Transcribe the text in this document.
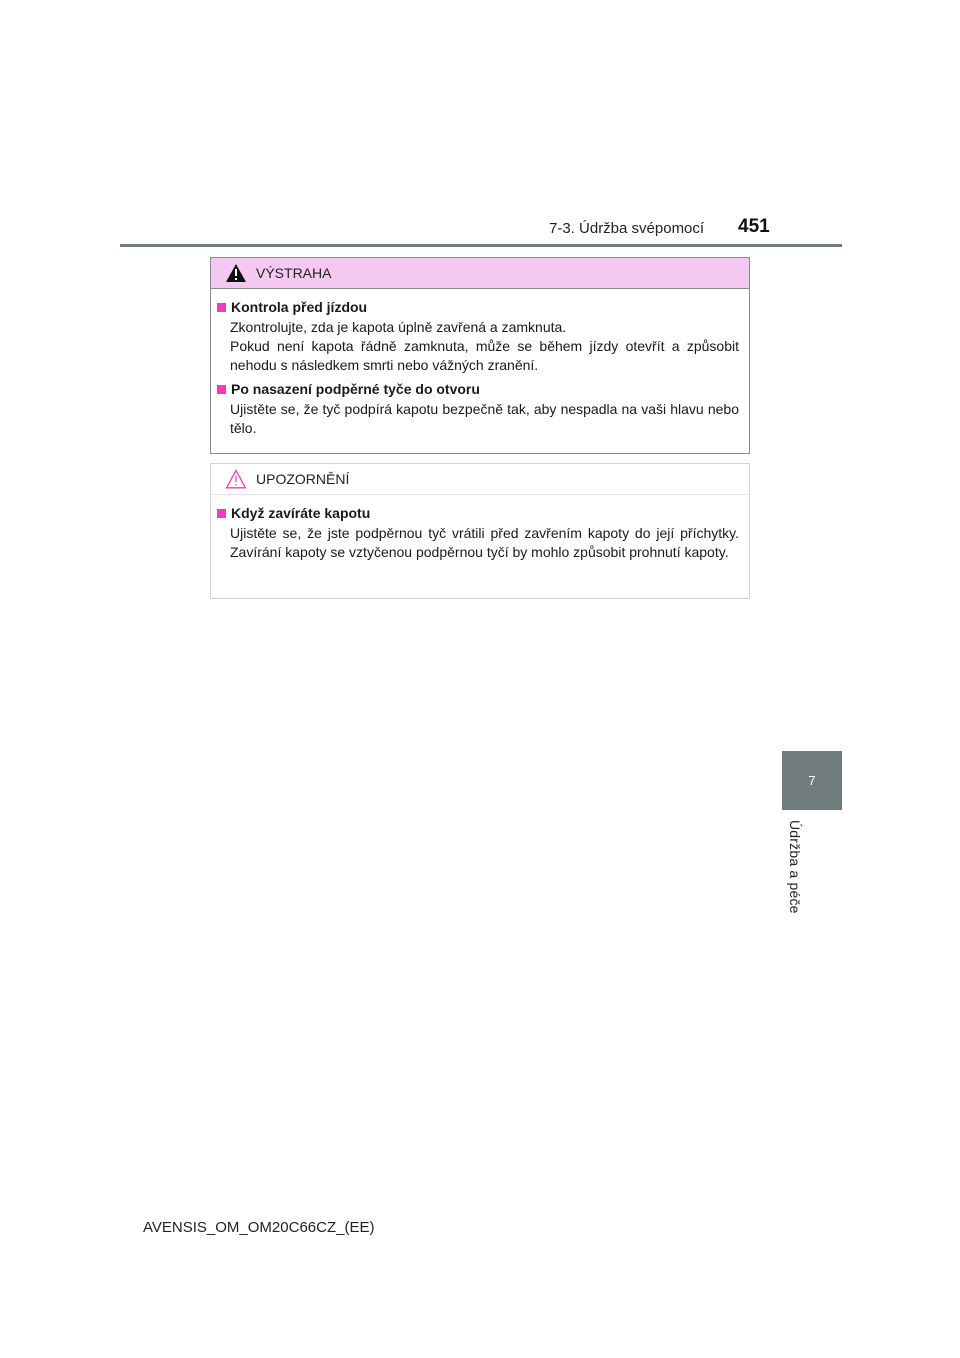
7-3. Údržba svépomocí 451
7
Údržba a péče
VÝSTRAHA
Kontrola před jízdou
Zkontrolujte, zda je kapota úplně zavřená a zamknuta.
Pokud není kapota řádně zamknuta, může se během jízdy otevřít a způsobit nehodu s následkem smrti nebo vážných zranění.
Po nasazení podpěrné tyče do otvoru
Ujistěte se, že tyč podpírá kapotu bezpečně tak, aby nespadla na vaši hlavu nebo tělo.
UPOZORNĚNÍ
Když zavíráte kapotu
Ujistěte se, že jste podpěrnou tyč vrátili před zavřením kapoty do její příchytky. Zavírání kapoty se vztyčenou podpěrnou tyčí by mohlo způsobit prohnutí kapoty.
AVENSIS_OM_OM20C66CZ_(EE)
